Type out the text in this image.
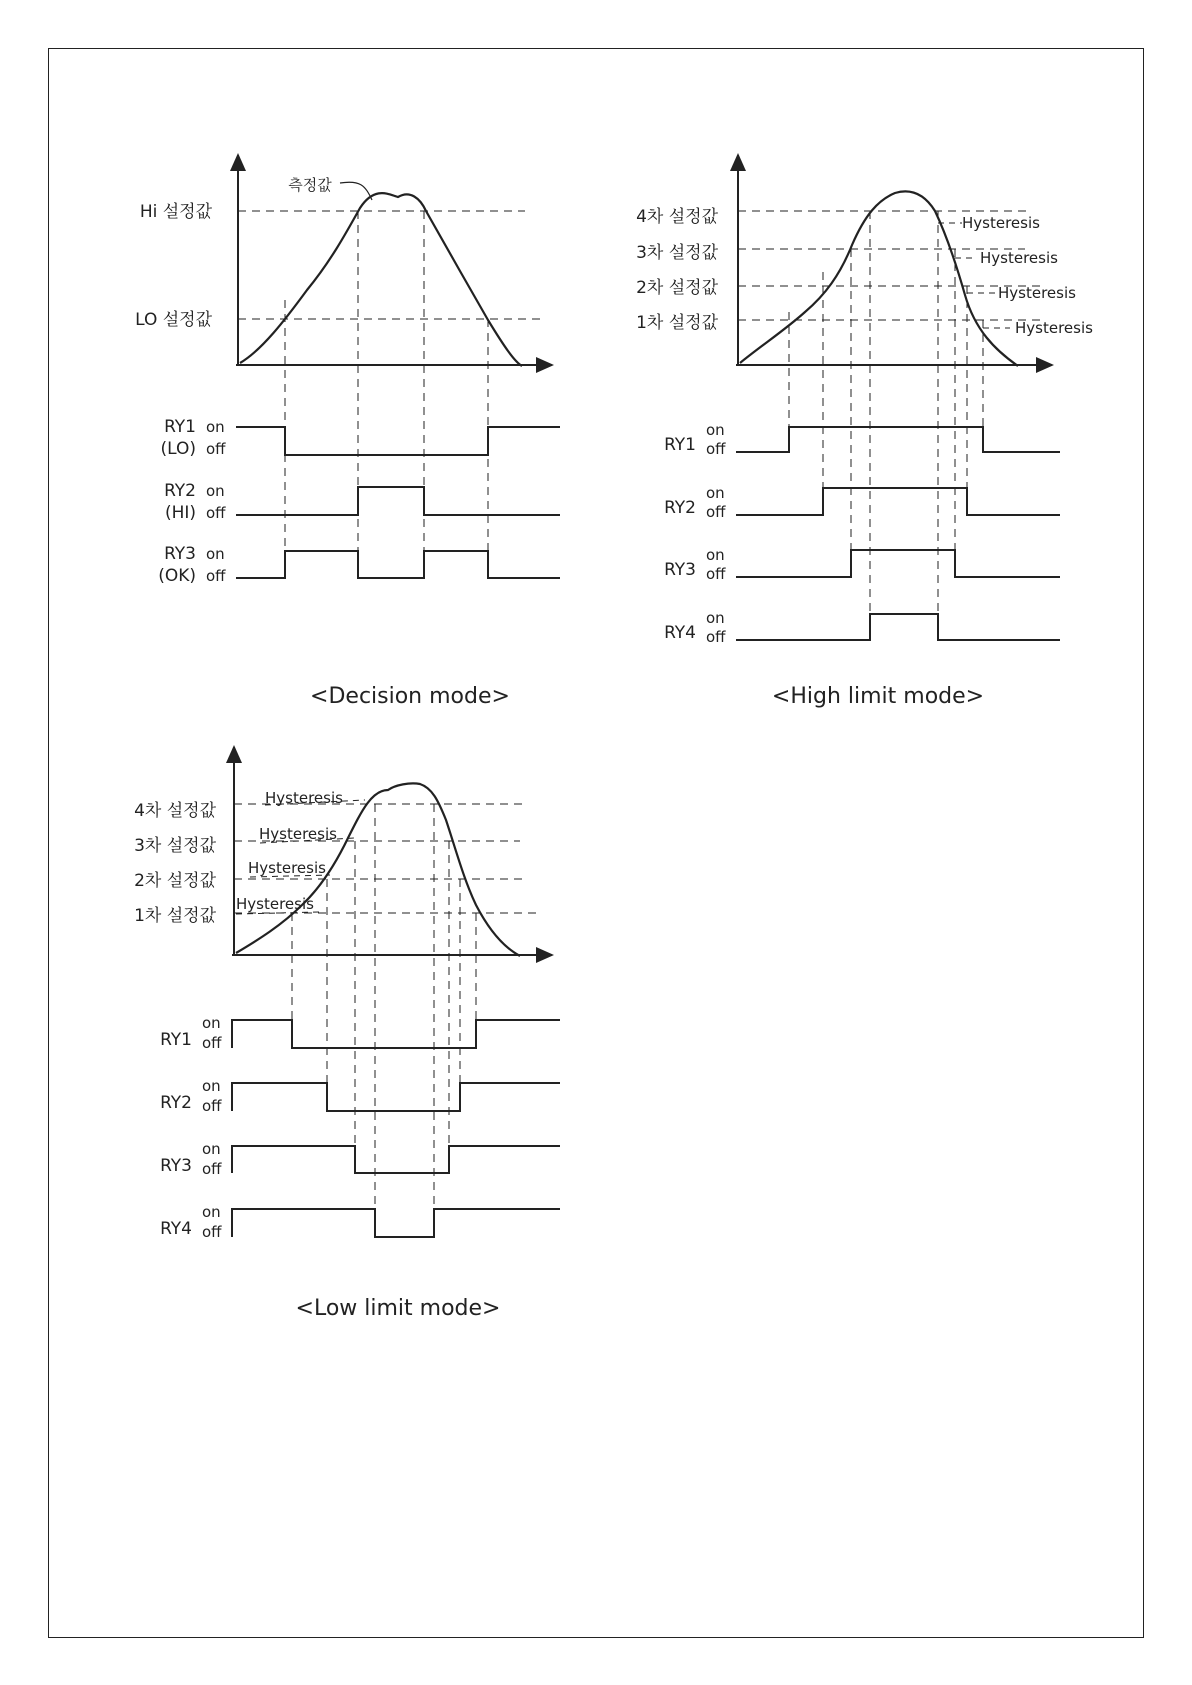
측정값
Hi 설정값
LO 설정값
RY1
(LO)
on
off
RY2
(HI)
on
off
RY3
(OK)
on
off
<Decision mode>
4차 설정값
3차 설정값
2차 설정값
1차 설정값
Hysteresis
Hysteresis
Hysteresis
Hysteresis
RY1
on
off
RY2
on
off
RY3
on
off
RY4
on
off
<High limit mode>
4차 설정값
3차 설정값
2차 설정값
1차 설정값
Hysteresis
Hysteresis
Hysteresis
Hysteresis
RY1
on
off
RY2
on
off
RY3
on
off
RY4
on
off
<Low limit mode>
